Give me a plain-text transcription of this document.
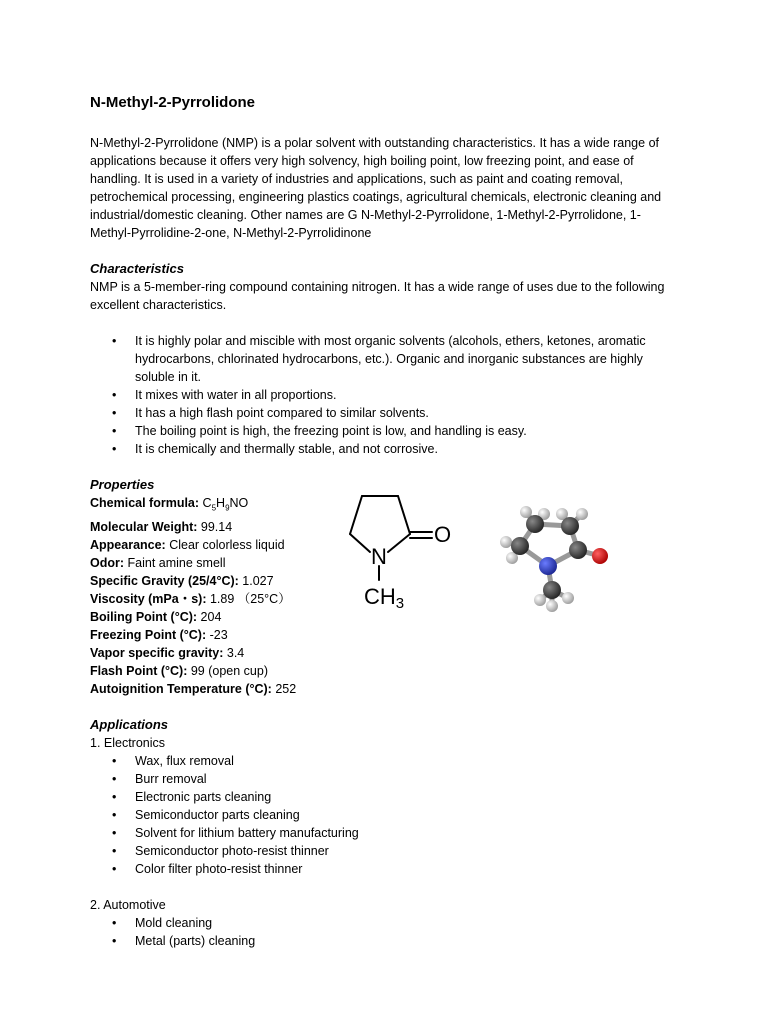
N-Methyl-2-Pyrrolidone

N-Methyl-2-Pyrrolidone (NMP) is a polar solvent with outstanding characteristics. It has a wide range of applications because it offers very high solvency, high boiling point, low freezing point, and ease of handling. It is used in a variety of industries and applications, such as paint and coating removal, petrochemical processing, engineering plastics coatings, agricultural chemicals, electronic cleaning and industrial/domestic cleaning. Other names are G N-Methyl-2-Pyrrolidone, 1-Methyl-2-Pyrrolidone, 1-Methyl-Pyrrolidine-2-one, N-Methyl-2-Pyrrolidinone

Characteristics

NMP is a 5-member-ring compound containing nitrogen. It has a wide range of uses due to the following excellent characteristics.

• It is highly polar and miscible with most organic solvents (alcohols, ethers, ketones, aromatic hydrocarbons, chlorinated hydrocarbons, etc.). Organic and inorganic substances are highly soluble in it.
• It mixes with water in all proportions.
• It has a high flash point compared to similar solvents.
• The boiling point is high, the freezing point is low, and handling is easy.
• It is chemically and thermally stable, and not corrosive.
Properties
Chemical formula: $C_5H_9NO$
Molecular Weight: 99.14
Appearance: Clear colorless liquid
Odor: Faint amine smell
Specific Gravity (25/4°C): 1.027
Viscosity (mPa・s): 1.89 （25°C）
Boiling Point (°C): 204
Freezing Point (°C): -23
Vapor specific gravity: 3.4
Flash Point (°C): 99 (open cup)
Autoignition Temperature (°C): 252
O
N
CH3
Applications

1. Electronics

• Wax, flux removal
• Burr removal
• Electronic parts cleaning
• Semiconductor parts cleaning
• Solvent for lithium battery manufacturing
• Semiconductor photo-resist thinner
• Color filter photo-resist thinner

2. Automotive

• Mold cleaning
• Metal (parts) cleaning
